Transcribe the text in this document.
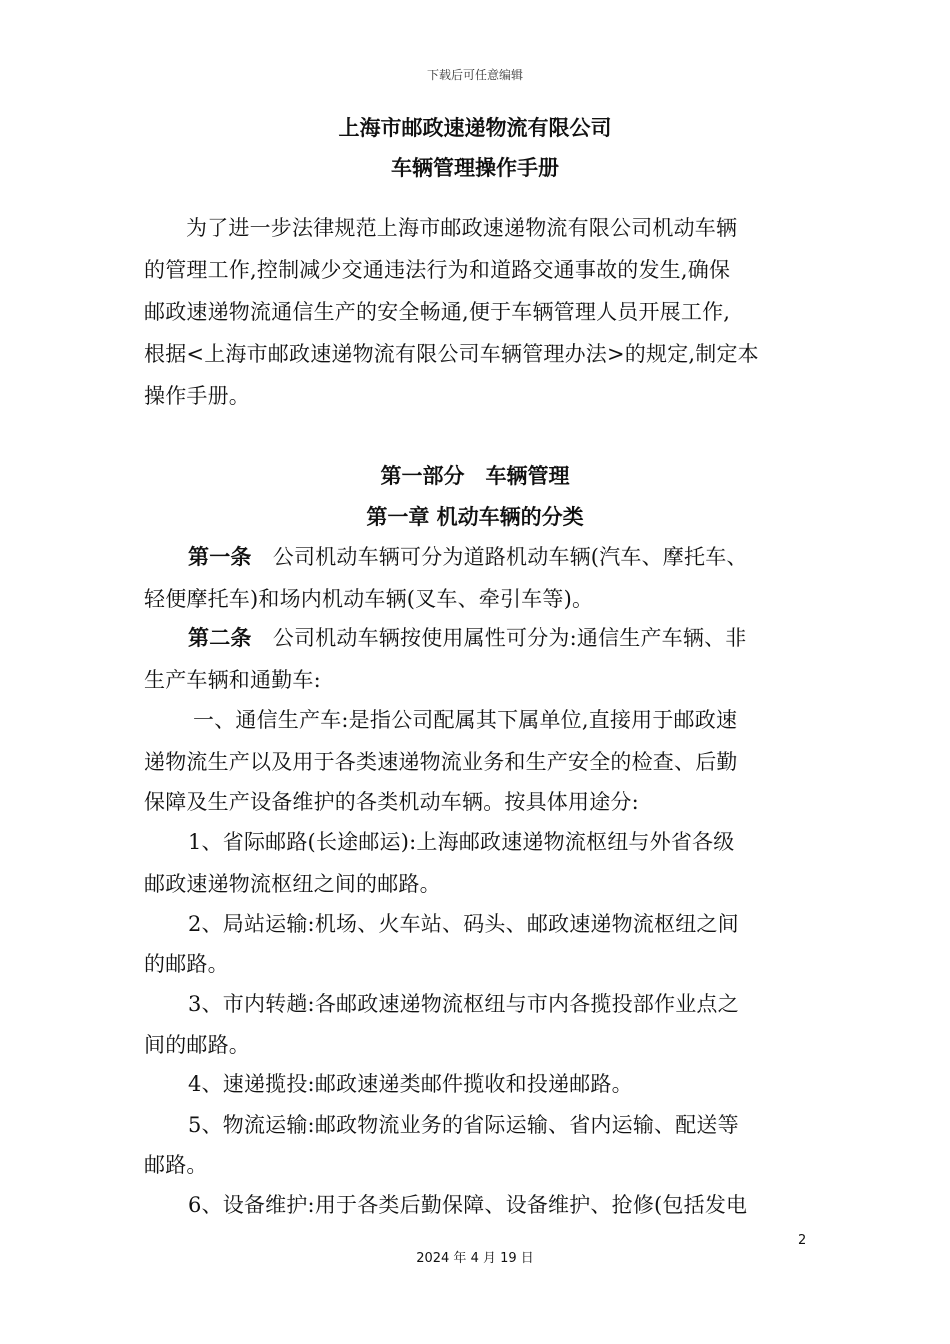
下载后可任意编辑
上海市邮政速递物流有限公司
车辆管理操作手册
为了进一步法律规范上海市邮政速递物流有限公司机动车辆
的管理工作,控制减少交通违法行为和道路交通事故的发生,确保
邮政速递物流通信生产的安全畅通,便于车辆管理人员开展工作,
根据<上海市邮政速递物流有限公司车辆管理办法>的规定,制定本
操作手册。
第一部分　车辆管理
第一章 机动车辆的分类
第一条　公司机动车辆可分为道路机动车辆(汽车、摩托车、
轻便摩托车)和场内机动车辆(叉车、牵引车等)。
第二条　公司机动车辆按使用属性可分为:通信生产车辆、非
生产车辆和通勤车:
一、通信生产车:是指公司配属其下属单位,直接用于邮政速
递物流生产以及用于各类速递物流业务和生产安全的检查、后勤
保障及生产设备维护的各类机动车辆。按具体用途分:
1、省际邮路(长途邮运):上海邮政速递物流枢纽与外省各级
邮政速递物流枢纽之间的邮路。
2、局站运输:机场、火车站、码头、邮政速递物流枢纽之间
的邮路。
3、市内转趟:各邮政速递物流枢纽与市内各揽投部作业点之
间的邮路。
4、速递揽投:邮政速递类邮件揽收和投递邮路。
5、物流运输:邮政物流业务的省际运输、省内运输、配送等
邮路。
6、设备维护:用于各类后勤保障、设备维护、抢修(包括发电
2
2024 年 4 月 19 日
